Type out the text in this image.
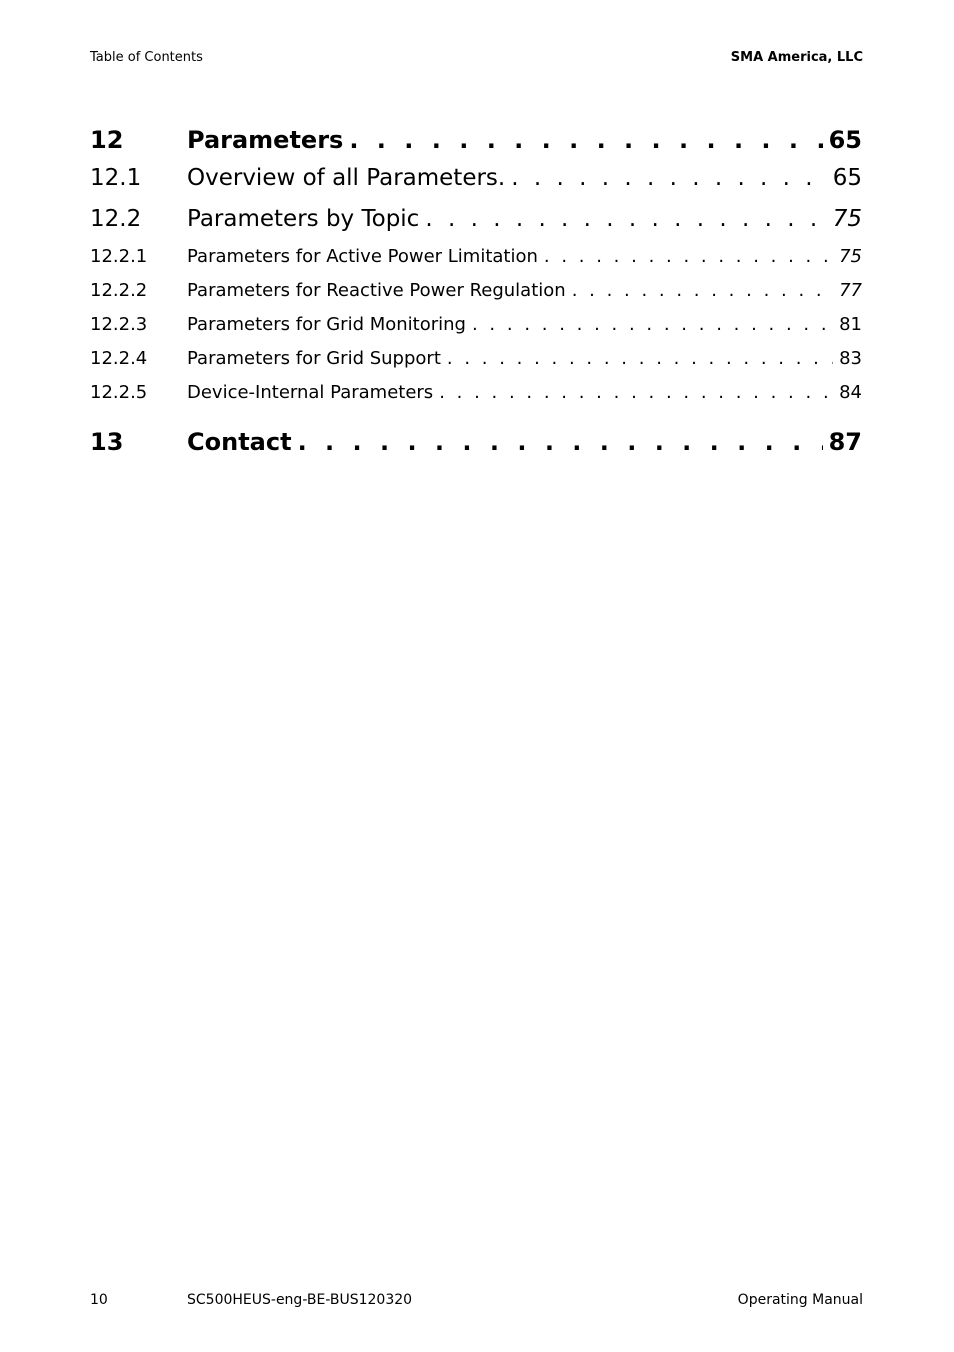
Table of Contents	SMA America, LLC
12	Parameters . . .	65
12.1	Overview of all Parameters. . . .	65
12.2	Parameters by Topic . . .	75
12.2.1	Parameters for Active Power Limitation . . .	75
12.2.2	Parameters for Reactive Power Regulation . . .	77
12.2.3	Parameters for Grid Monitoring . . .	81
12.2.4	Parameters for Grid Support . . .	83
12.2.5	Device-Internal Parameters . . .	84
13	Contact . . .	87
10	SC500HEUS-eng-BE-BUS120320	Operating Manual
